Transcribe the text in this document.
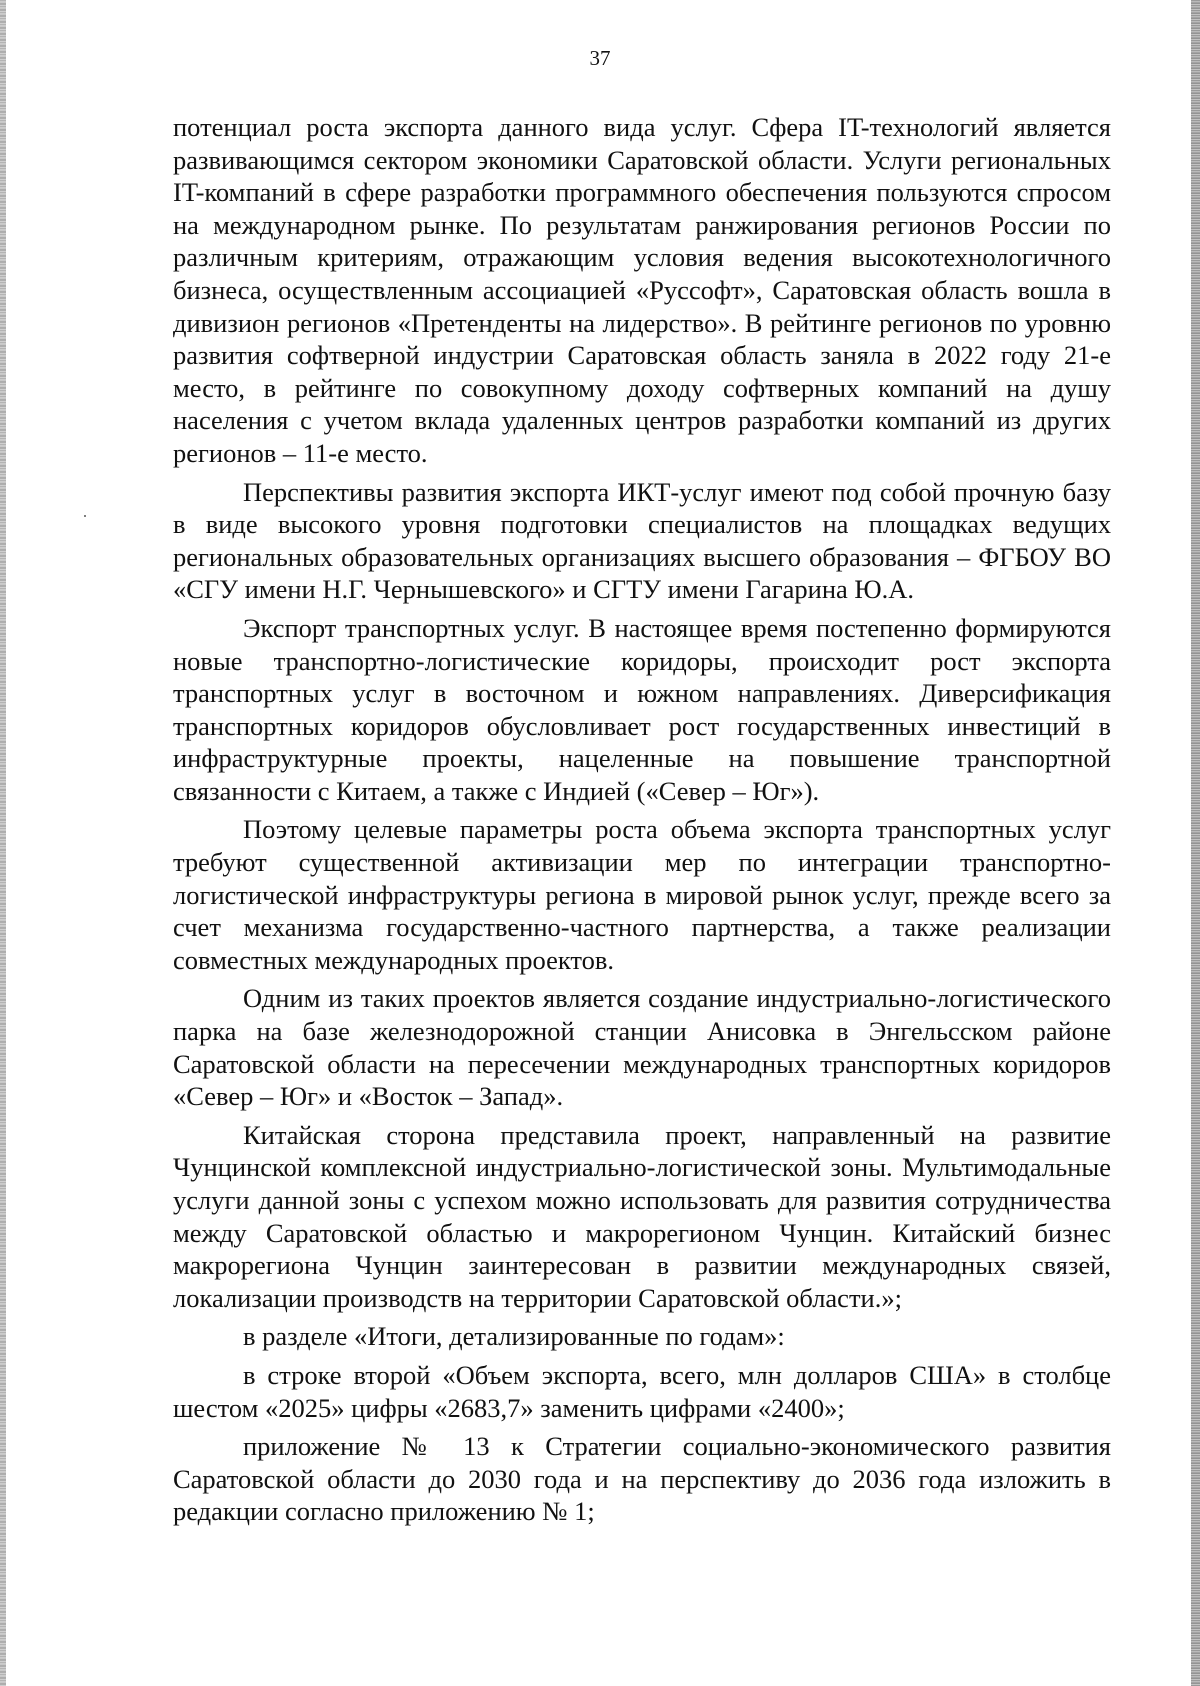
37

потенциал роста экспорта данного вида услуг. Сфера IT-технологий является развивающимся сектором экономики Саратовской области. Услуги региональных IT-компаний в сфере разработки программного обеспечения пользуются спросом на международном рынке. По результатам ранжирования регионов России по различным критериям, отражающим условия ведения высокотехнологичного бизнеса, осуществленным ассоциацией «Руссофт», Саратовская область вошла в дивизион регионов «Претенденты на лидерство». В рейтинге регионов по уровню развития софтверной индустрии Саратовская область заняла в 2022 году 21-е место, в рейтинге по совокупному доходу софтверных компаний на душу населения с учетом вклада удаленных центров разработки компаний из других регионов – 11-е место.

Перспективы развития экспорта ИКТ-услуг имеют под собой прочную базу в виде высокого уровня подготовки специалистов на площадках ведущих региональных образовательных организациях высшего образования – ФГБОУ ВО «СГУ имени Н.Г. Чернышевского» и СГТУ имени Гагарина Ю.А.

Экспорт транспортных услуг. В настоящее время постепенно формируются новые транспортно-логистические коридоры, происходит рост экспорта транспортных услуг в восточном и южном направлениях. Диверсификация транспортных коридоров обусловливает рост государственных инвестиций в инфраструктурные проекты, нацеленные на повышение транспортной связанности с Китаем, а также с Индией («Север – Юг»).

Поэтому целевые параметры роста объема экспорта транспортных услуг требуют существенной активизации мер по интеграции транспортно-логистической инфраструктуры региона в мировой рынок услуг, прежде всего за счет механизма государственно-частного партнерства, а также реализации совместных международных проектов.

Одним из таких проектов является создание индустриально-логистического парка на базе железнодорожной станции Анисовка в Энгельсском районе Саратовской области на пересечении международных транспортных коридоров «Север – Юг» и «Восток – Запад».

Китайская сторона представила проект, направленный на развитие Чунцинской комплексной индустриально-логистической зоны. Мультимодальные услуги данной зоны с успехом можно использовать для развития сотрудничества между Саратовской областью и макрорегионом Чунцин. Китайский бизнес макрорегиона Чунцин заинтересован в развитии международных связей, локализации производств на территории Саратовской области.»;

в разделе «Итоги, детализированные по годам»:

в строке второй «Объем экспорта, всего, млн долларов США» в столбце шестом «2025» цифры «2683,7» заменить цифрами «2400»;

приложение № 13 к Стратегии социально-экономического развития Саратовской области до 2030 года и на перспективу до 2036 года изложить в редакции согласно приложению № 1;
